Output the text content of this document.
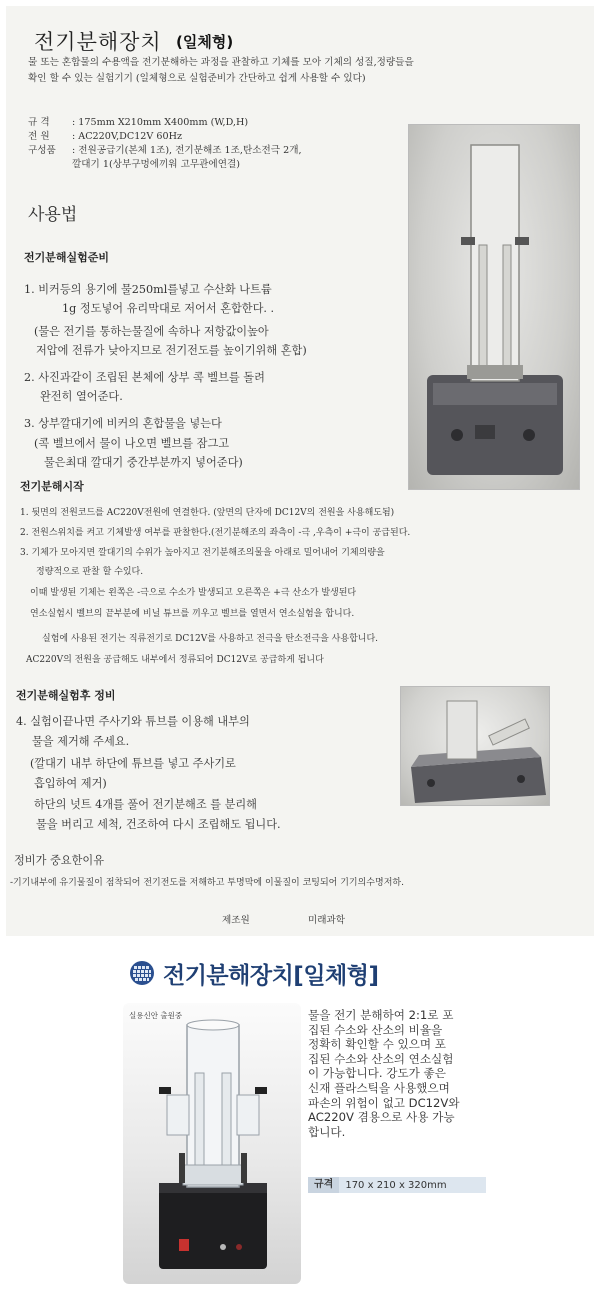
전기분해장치 (일체형)
물 또는 혼합물의 수용액을 전기분해하는 과정을 관찰하고 기체를 모아 기체의 성질,정량들을
확인 할 수 있는 실험기기 (일체형으로 실험준비가 간단하고 쉽게 사용할 수 있다)
규 격 : 175mm X210mm X400mm (W,D,H)
전 원 : AC220V,DC12V 60Hz
구성품 : 전원공급기(본체 1조), 전기분해조 1조,탄소전극 2개,
깔대기 1(상부구멍에끼워 고무관에연결)
사용법
전기분해실험준비
1. 비커등의 용기에 물250ml를넣고 수산화 나트륨
1g 정도넣어 유리막대로 저어서 혼합한다. .
(물은 전기를 통하는물질에 속하나 저항값이높아
저압에 전류가 낮아지므로 전기전도를 높이기위해 혼합)
2. 사진과같이 조립된 본체에 상부 콕 벨브를 돌려
완전히 열어준다.
3. 상부깔대기에 비커의 혼합물을 넣는다
(콕 벨브에서 물이 나오면 벨브를 잠그고
물은최대 깔대기 중간부분까지 넣어준다)
전기분해시작
1. 뒷면의 전원코드를 AC220V전원에 연결한다. (앞면의 단자에 DC12V의 전원을 사용해도됨)
2. 전원스위치를 켜고 기체발생 여부를 판찰한다.(전기분해조의 좌측이 -극 ,우측이 +극이 공급된다.
3. 기체가 모아지면 깔대기의 수위가 높아지고 전기분해조의물을 아래로 밀어내어 기체의량을
정량적으로 판찰 할 수있다.
이때 발생된 기체는 왼쪽은 -극으로 수소가 발생되고 오른쪽은 +극 산소가 발생된다
연소실험시 벨브의 끝부분에 비닐 튜브를 끼우고 벨브를 열면서 연소실험을 합니다.
실험에 사용된 전기는 직류전기로 DC12V를 사용하고 전극을 탄소전극을 사용합니다.
AC220V의 전원을 공급해도 내부에서 정류되어 DC12V로 공급하게 됩니다
전기분해실험후 정비
4. 실험이끝나면 주사기와 튜브를 이용해 내부의
물을 제거해 주세요.
(깔대기 내부 하단에 튜브를 넣고 주사기로
흡입하여 제거)
하단의 넛트 4개를 풀어 전기분해조 를 분리해
물을 버리고 세척, 건조하여 다시 조립해도 됩니다.
정비가 중요한이유
-기기내부에 유기물질이 점착되어 전기전도를 저해하고 투명막에 이물질이 코팅되어 기기의수명저하.
제조원	미래과학
전기분해장치[일체형]
실용신안 출원중	물을 전기 분해하여 2:1로 포
집된 수소와 산소의 비율을
정확히 확인할 수 있으며 포
집된 수소와 산소의 연소실험
이 가능합니다. 강도가 좋은
신재 플라스틱을 사용했으며
파손의 위험이 없고 DC12V와
AC220V 겸용으로 사용 가능
합니다.
규격	170 x 210 x 320mm
